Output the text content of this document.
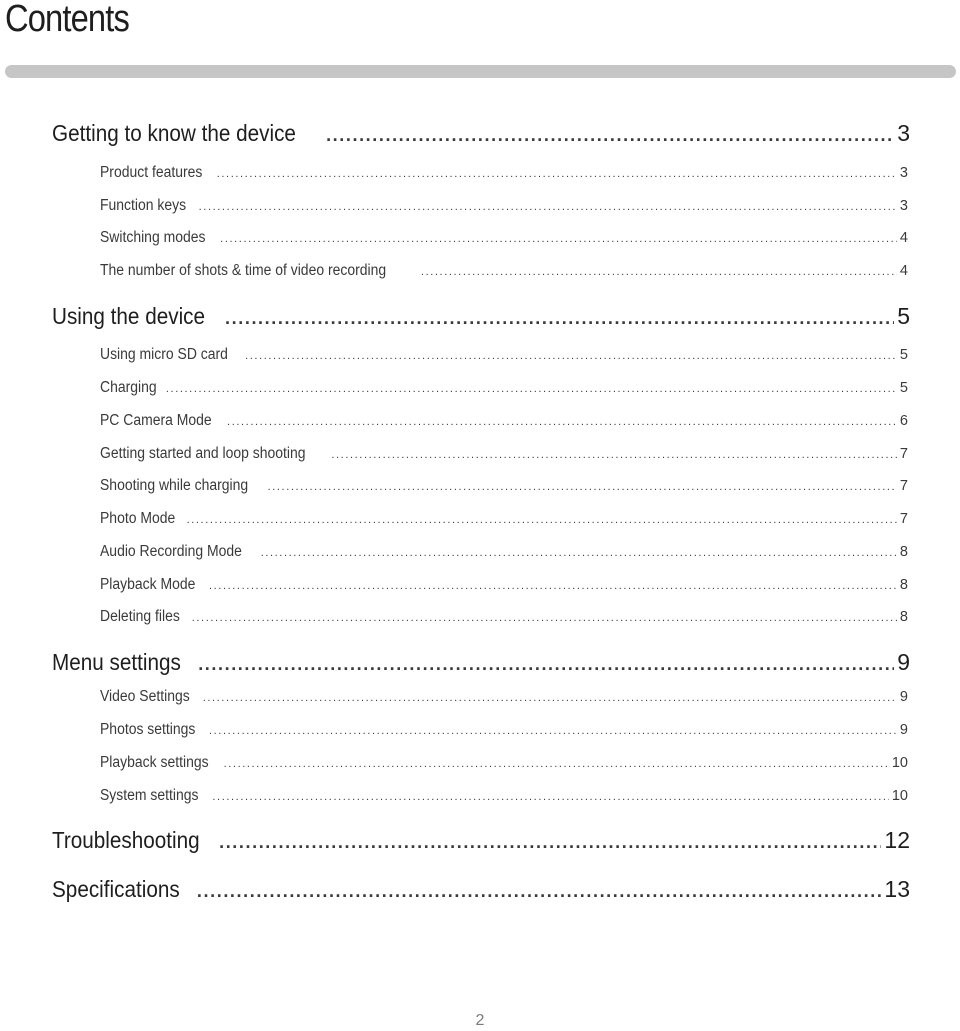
Contents
Getting to know the device .....	3
Product features .....	3
Function keys .....	3
Switching modes .....	4
The number of shots & time of video recording .....	4
Using the device .....	5
Using micro SD card .....	5
Charging .....	5
PC Camera Mode .....	6
Getting started and loop shooting .....	7
Shooting while charging .....	7
Photo Mode .....	7
Audio Recording Mode .....	8
Playback Mode .....	8
Deleting files .....	8
Menu settings .....	9
Video Settings .....	9
Photos settings .....	9
Playback settings .....	10
System settings .....	10
Troubleshooting .....	12
Specifications .....	13
2
